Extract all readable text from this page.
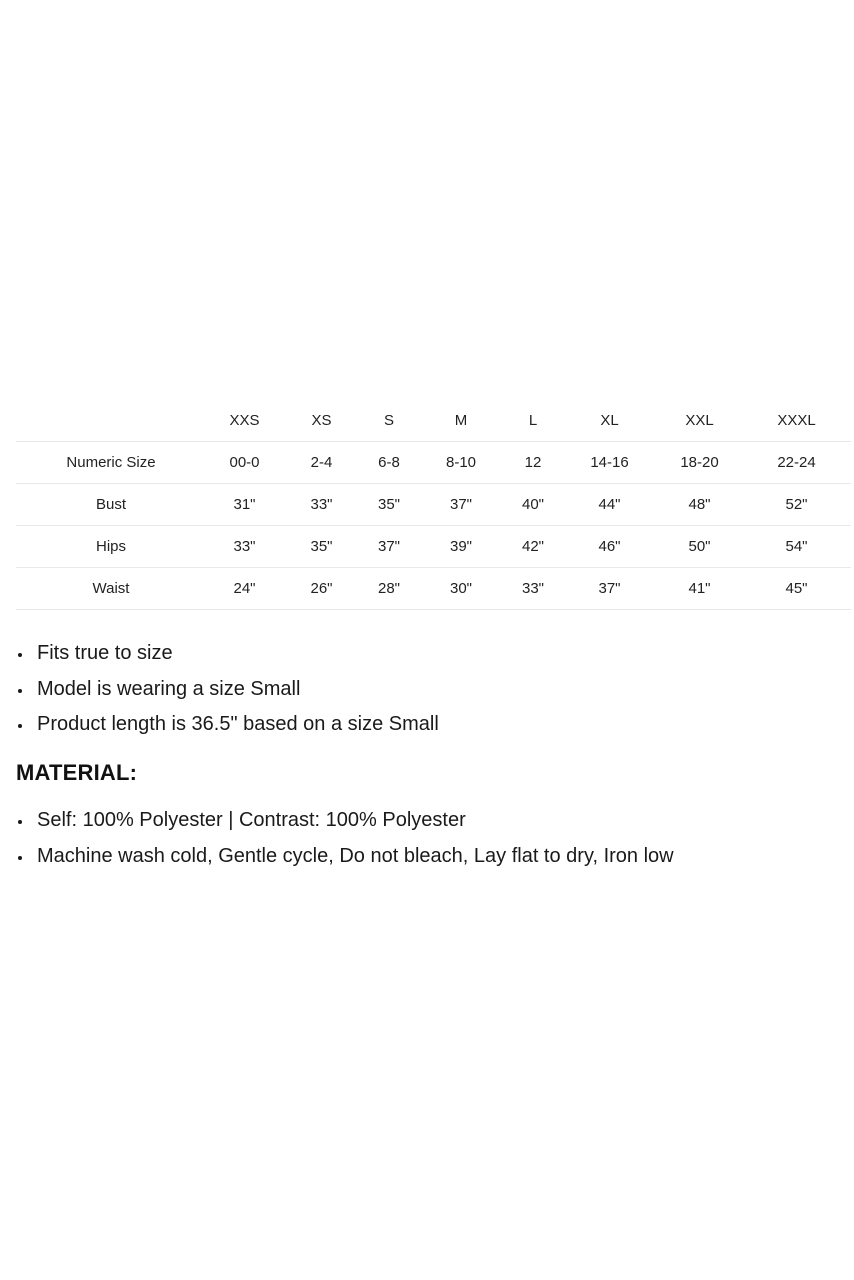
	XXS	XS	S	M	L	XL	XXL	XXXL
Numeric Size	00-0	2-4	6-8	8-10	12	14-16	18-20	22-24
Bust	31"	33"	35"	37"	40"	44"	48"	52"
Hips	33"	35"	37"	39"	42"	46"	50"	54"
Waist	24"	26"	28"	30"	33"	37"	41"	45"
Fits true to size
Model is wearing a size Small
Product length is 36.5" based on a size Small
MATERIAL:
Self: 100% Polyester | Contrast: 100% Polyester
Machine wash cold, Gentle cycle, Do not bleach, Lay flat to dry, Iron low
